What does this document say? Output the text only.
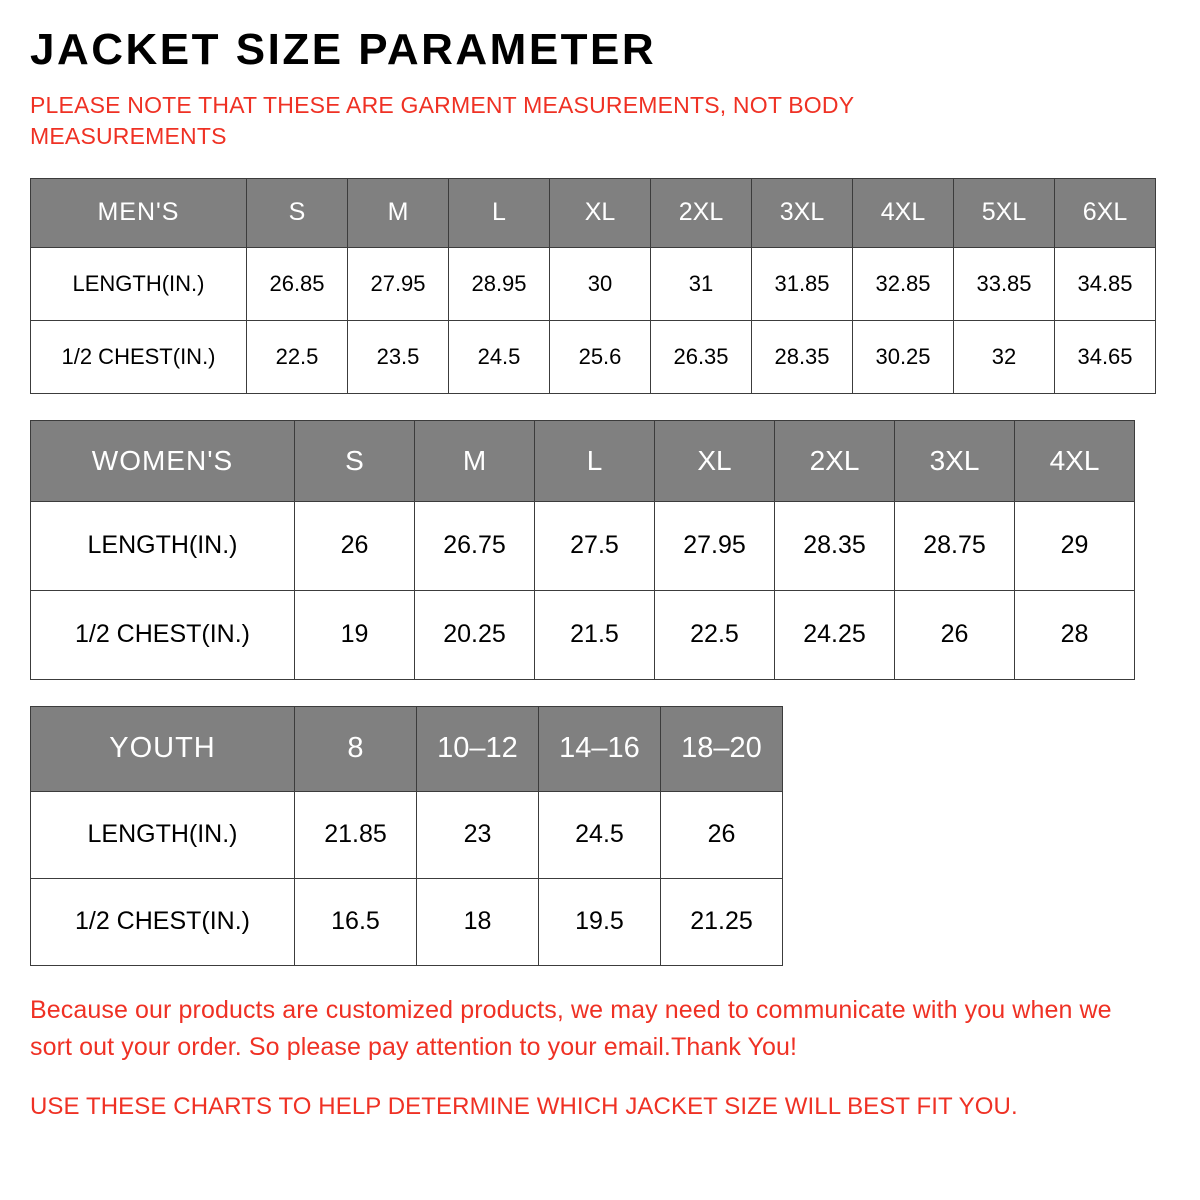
JACKET SIZE PARAMETER

PLEASE NOTE THAT THESE ARE GARMENT MEASUREMENTS, NOT BODY MEASUREMENTS

MEN'S	S	M	L	XL	2XL	3XL	4XL	5XL	6XL
LENGTH(IN.)	26.85	27.95	28.95	30	31	31.85	32.85	33.85	34.85
1/2 CHEST(IN.)	22.5	23.5	24.5	25.6	26.35	28.35	30.25	32	34.65
WOMEN'S	S	M	L	XL	2XL	3XL	4XL
LENGTH(IN.)	26	26.75	27.5	27.95	28.35	28.75	29
1/2 CHEST(IN.)	19	20.25	21.5	22.5	24.25	26	28
YOUTH	8	10–12	14–16	18–20
LENGTH(IN.)	21.85	23	24.5	26
1/2 CHEST(IN.)	16.5	18	19.5	21.25

Because our products are customized products, we may need to communicate with you when we sort out your order. So please pay attention to your email.Thank You!

USE THESE CHARTS TO HELP DETERMINE WHICH JACKET SIZE WILL BEST FIT YOU.
